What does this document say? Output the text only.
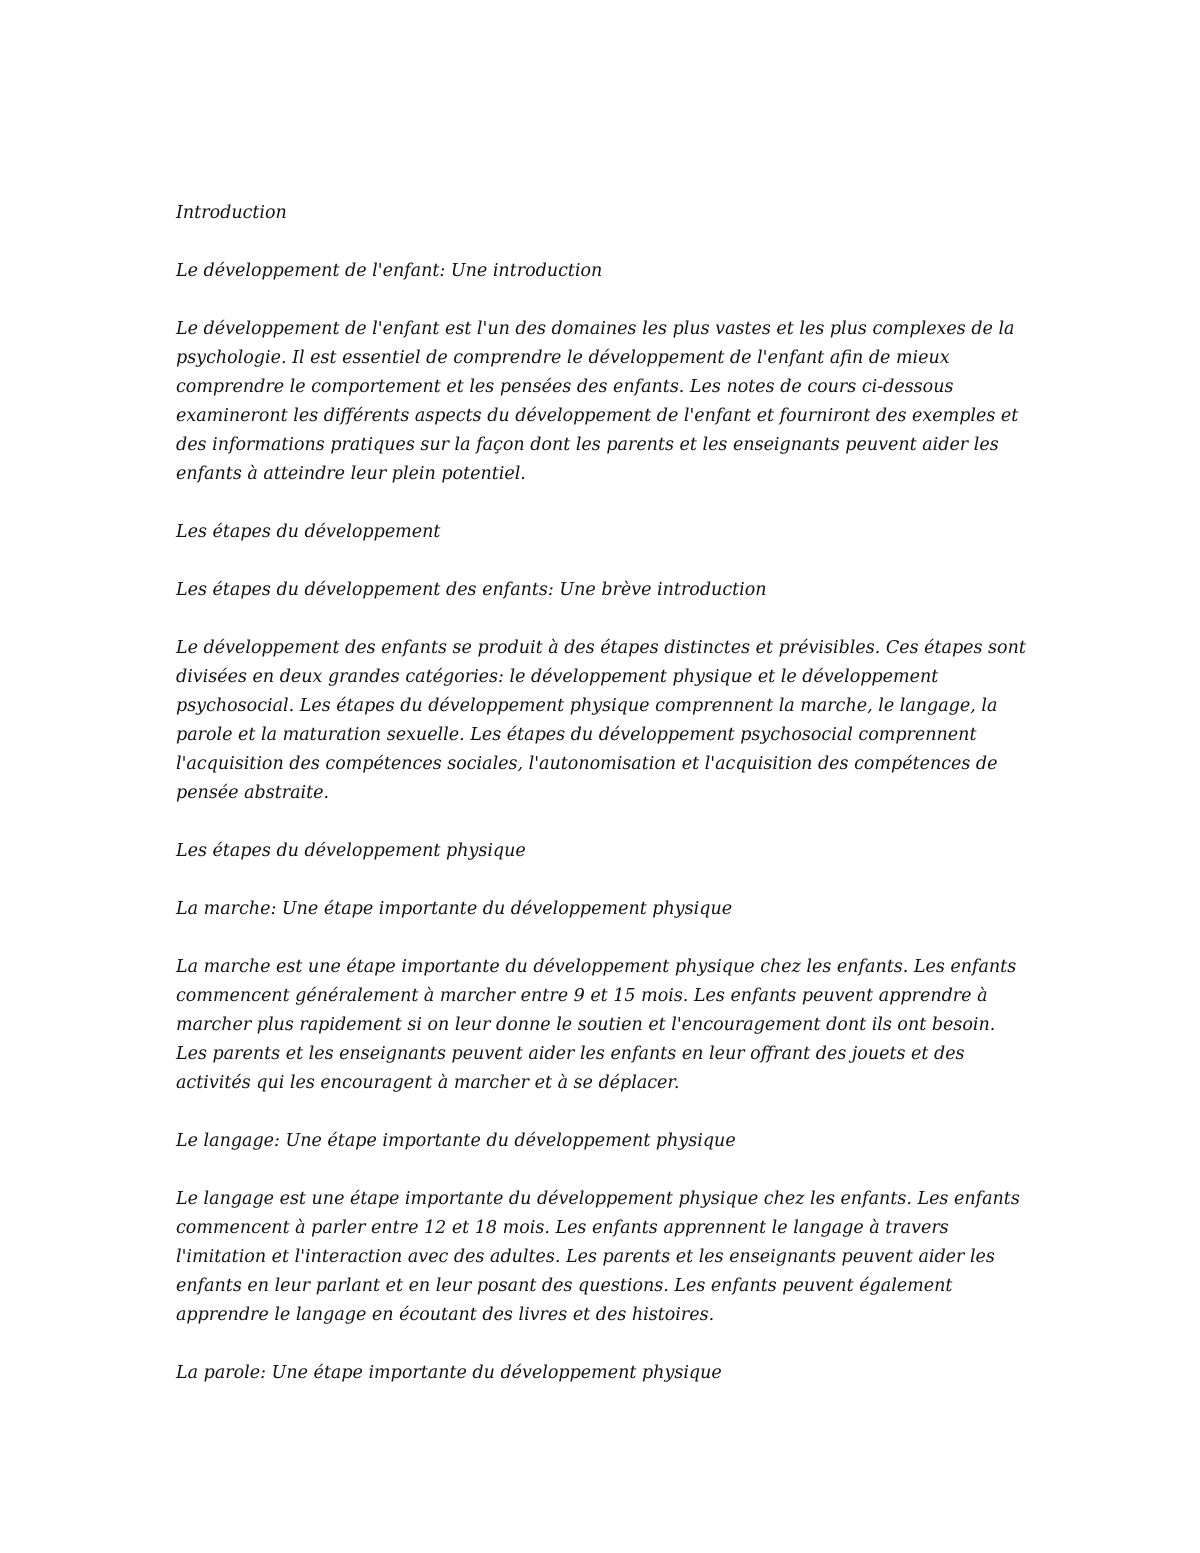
Introduction

Le développement de l'enfant: Une introduction

Le développement de l'enfant est l'un des domaines les plus vastes et les plus complexes de la psychologie. Il est essentiel de comprendre le développement de l'enfant afin de mieux comprendre le comportement et les pensées des enfants. Les notes de cours ci-dessous examineront les différents aspects du développement de l'enfant et fourniront des exemples et des informations pratiques sur la façon dont les parents et les enseignants peuvent aider les enfants à atteindre leur plein potentiel.

Les étapes du développement

Les étapes du développement des enfants: Une brève introduction

Le développement des enfants se produit à des étapes distinctes et prévisibles. Ces étapes sont divisées en deux grandes catégories: le développement physique et le développement psychosocial. Les étapes du développement physique comprennent la marche, le langage, la parole et la maturation sexuelle. Les étapes du développement psychosocial comprennent l'acquisition des compétences sociales, l'autonomisation et l'acquisition des compétences de pensée abstraite.

Les étapes du développement physique

La marche: Une étape importante du développement physique

La marche est une étape importante du développement physique chez les enfants. Les enfants commencent généralement à marcher entre 9 et 15 mois. Les enfants peuvent apprendre à marcher plus rapidement si on leur donne le soutien et l'encouragement dont ils ont besoin. Les parents et les enseignants peuvent aider les enfants en leur offrant des jouets et des activités qui les encouragent à marcher et à se déplacer.

Le langage: Une étape importante du développement physique

Le langage est une étape importante du développement physique chez les enfants. Les enfants commencent à parler entre 12 et 18 mois. Les enfants apprennent le langage à travers l'imitation et l'interaction avec des adultes. Les parents et les enseignants peuvent aider les enfants en leur parlant et en leur posant des questions. Les enfants peuvent également apprendre le langage en écoutant des livres et des histoires.

La parole: Une étape importante du développement physique
